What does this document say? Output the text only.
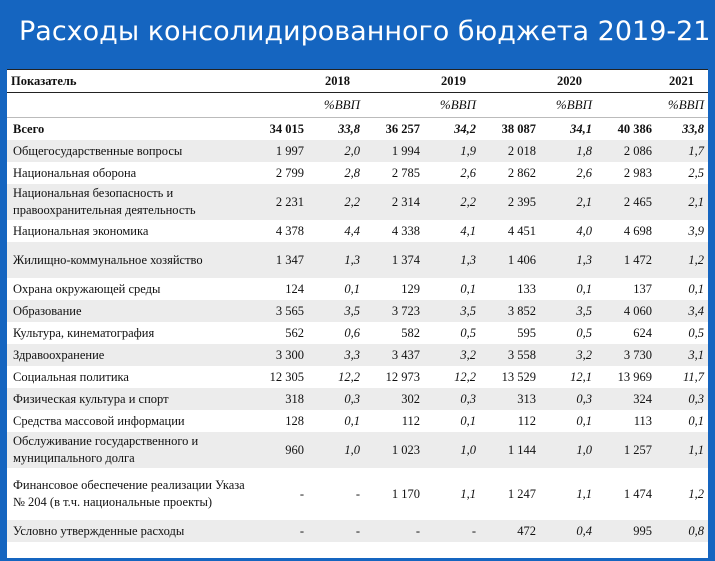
Расходы консолидированного бюджета 2019-21
Показатель	2018		2019		2020		2021	
		%ВВП		%ВВП		%ВВП		%ВВП
Всего	34 015	33,8	36 257	34,2	38 087	34,1	40 386	33,8
Общегосударственные вопросы	1 997	2,0	1 994	1,9	2 018	1,8	2 086	1,7
Национальная оборона	2 799	2,8	2 785	2,6	2 862	2,6	2 983	2,5
Национальная безопасность и правоохранительная деятельность	2 231	2,2	2 314	2,2	2 395	2,1	2 465	2,1
Национальная экономика	4 378	4,4	4 338	4,1	4 451	4,0	4 698	3,9
Жилищно-коммунальное хозяйство	1 347	1,3	1 374	1,3	1 406	1,3	1 472	1,2
Охрана окружающей среды	124	0,1	129	0,1	133	0,1	137	0,1
Образование	3 565	3,5	3 723	3,5	3 852	3,5	4 060	3,4
Культура, кинематография	562	0,6	582	0,5	595	0,5	624	0,5
Здравоохранение	3 300	3,3	3 437	3,2	3 558	3,2	3 730	3,1
Социальная политика	12 305	12,2	12 973	12,2	13 529	12,1	13 969	11,7
Физическая культура и спорт	318	0,3	302	0,3	313	0,3	324	0,3
Средства массовой информации	128	0,1	112	0,1	112	0,1	113	0,1
Обслуживание государственного и муниципального долга	960	1,0	1 023	1,0	1 144	1,0	1 257	1,1
Финансовое обеспечение реализации Указа № 204 (в т.ч. национальные проекты)	-	-	1 170	1,1	1 247	1,1	1 474	1,2
Условно утвержденные расходы	-	-	-	-	472	0,4	995	0,8
